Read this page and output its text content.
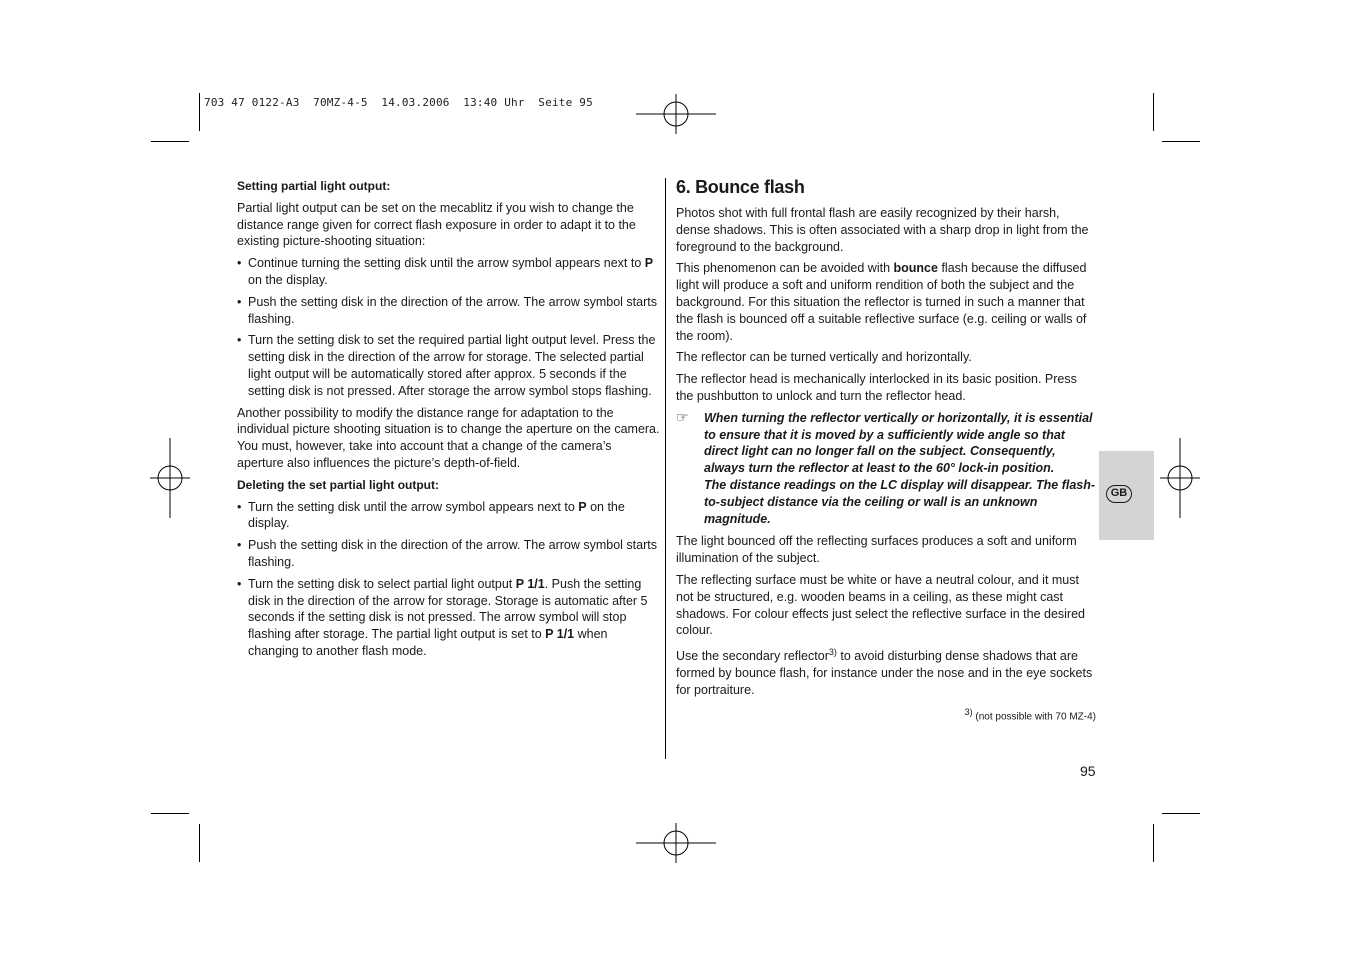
703 47 0122-A3  70MZ-4-5  14.03.2006  13:40 Uhr  Seite 95

Setting partial light output:

Partial light output can be set on the mecablitz if you wish to change the distance range given for correct flash exposure in order to adapt it to the existing picture-shooting situation:

• Continue turning the setting disk until the arrow symbol appears next to P on the display.
• Push the setting disk in the direction of the arrow. The arrow symbol starts flashing.
• Turn the setting disk to set the required partial light output level. Press the setting disk in the direction of the arrow for storage. The selected partial light output will be automatically stored after approx. 5 seconds if the setting disk is not pressed. After storage the arrow symbol stops flashing.

Another possibility to modify the distance range for adaptation to the individual picture shooting situation is to change the aperture on the camera. You must, however, take into account that a change of the camera’s aperture also influences the picture’s depth-of-field.

Deleting the set partial light output:

• Turn the setting disk until the arrow symbol appears next to P on the display.
• Push the setting disk in the direction of the arrow. The arrow symbol starts flashing.
• Turn the setting disk to select partial light output P 1/1. Push the setting disk in the direction of the arrow for storage. Storage is automatic after 5 seconds if the setting disk is not pressed. The arrow symbol will stop flashing after storage. The partial light output is set to P 1/1 when changing to another flash mode.
6. Bounce flash

Photos shot with full frontal flash are easily recognized by their harsh, dense shadows. This is often associated with a sharp drop in light from the foreground to the background.

This phenomenon can be avoided with bounce flash because the diffused light will produce a soft and uniform rendition of both the subject and the background. For this situation the reflector is turned in such a manner that the flash is bounced off a suitable reflective surface (e.g. ceiling or walls of the room).

The reflector can be turned vertically and horizontally.

The reflector head is mechanically interlocked in its basic position. Press the pushbutton to unlock and turn the reflector head.

☞ When turning the reflector vertically or horizontally, it is essential to ensure that it is moved by a sufficiently wide angle so that direct light can no longer fall on the subject. Consequently, always turn the reflector at least to the 60° lock-in position.
The distance readings on the LC display will disappear. The flash-to-subject distance via the ceiling or wall is an unknown magnitude.

The light bounced off the reflecting surfaces produces a soft and uniform illumination of the subject.

The reflecting surface must be white or have a neutral colour, and it must not be structured, e.g. wooden beams in a ceiling, as these might cast shadows. For colour effects just select the reflective surface in the desired colour.

Use the secondary reflector$^{3)}$ to avoid disturbing dense shadows that are formed by bounce flash, for instance under the nose and in the eye sockets for portraiture.

$^{3)}$ (not possible with 70 MZ-4)
95
GB
